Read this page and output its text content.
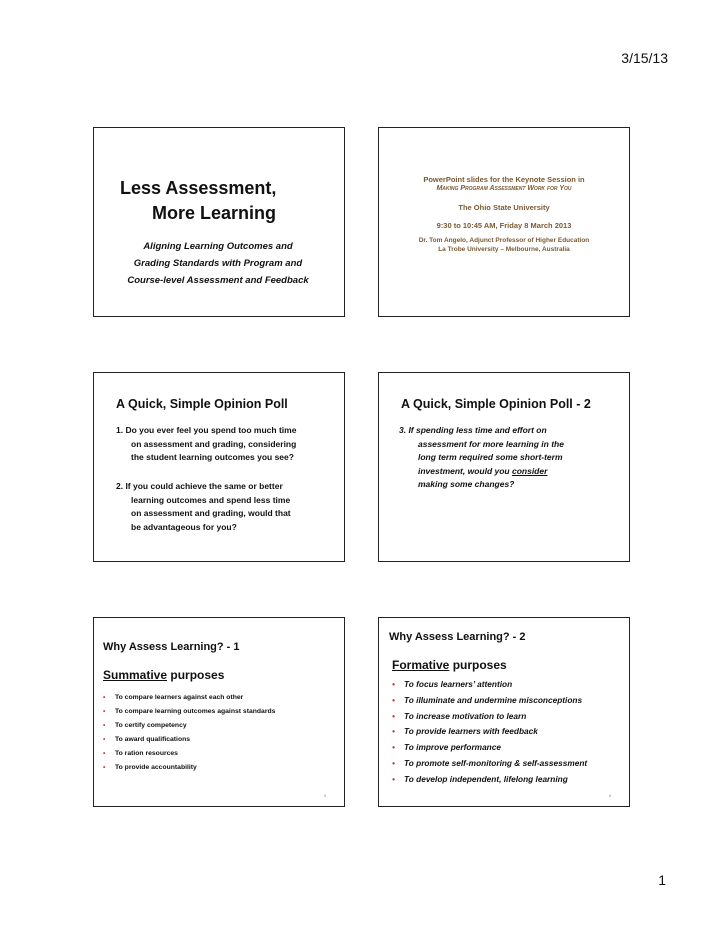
3/15/13
Less Assessment,
More Learning
Aligning Learning Outcomes and
Grading Standards with Program and
Course-level Assessment and Feedback
PowerPoint slides for the Keynote Session in
Making Program Assessment Work for You
The Ohio State University
9:30 to 10:45 AM, Friday 8 March 2013
Dr. Tom Angelo, Adjunct Professor of Higher Education
La Trobe University – Melbourne, Australia
A Quick, Simple Opinion Poll
1. Do you ever feel you spend too much time
on assessment and grading, considering
the student learning outcomes you see?
2. If you could achieve the same or better
learning outcomes and spend less time
on assessment and grading, would that
be advantageous for you?
A Quick, Simple Opinion Poll - 2
3. If spending less time and effort on
assessment for more learning in the
long term required some short-term
investment, would you consider
making some changes?
Why Assess Learning? - 1
Summative purposes
• To compare learners against each other
• To compare learning outcomes against standards
• To certify competency
• To award qualifications
• To ration resources
• To provide accountability
5
Why Assess Learning? - 2
Formative purposes
• To focus learners’ attention
• To illuminate and undermine misconceptions
• To increase motivation to learn
• To provide learners with feedback
• To improve performance
• To promote self-monitoring & self-assessment
• To develop independent, lifelong learning
6
1
